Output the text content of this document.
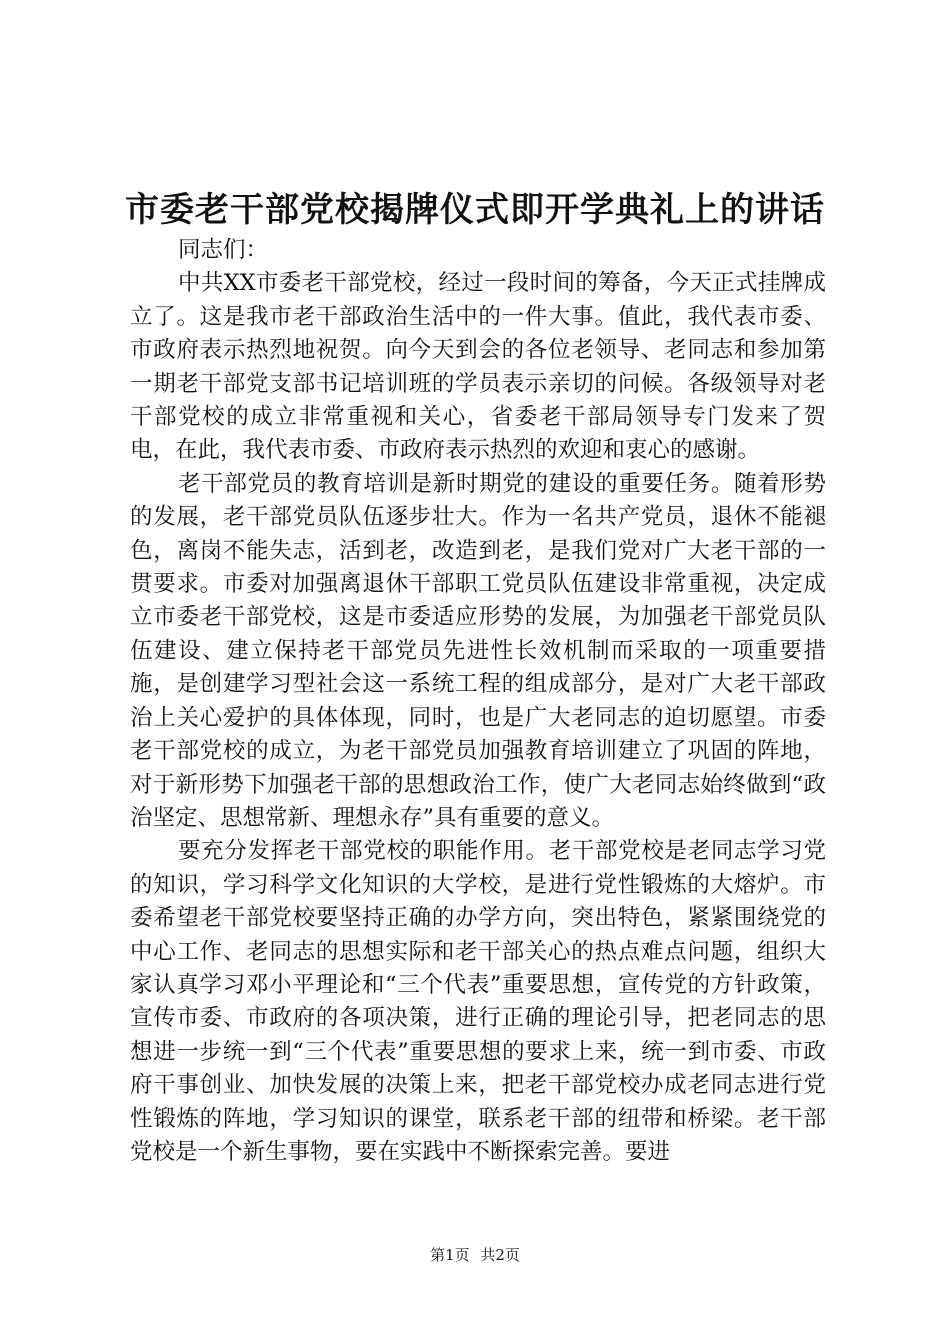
市委老干部党校揭牌仪式即开学典礼上的讲话

同志们：

中共XX市委老干部党校，经过一段时间的筹备，今天正式挂牌成立了。这是我市老干部政治生活中的一件大事。值此，我代表市委、市政府表示热烈地祝贺。向今天到会的各位老领导、老同志和参加第一期老干部党支部书记培训班的学员表示亲切的问候。各级领导对老干部党校的成立非常重视和关心，省委老干部局领导专门发来了贺电，在此，我代表市委、市政府表示热烈的欢迎和衷心的感谢。

老干部党员的教育培训是新时期党的建设的重要任务。随着形势的发展，老干部党员队伍逐步壮大。作为一名共产党员，退休不能褪色，离岗不能失志，活到老，改造到老，是我们党对广大老干部的一贯要求。市委对加强离退休干部职工党员队伍建设非常重视，决定成立市委老干部党校，这是市委适应形势的发展，为加强老干部党员队伍建设、建立保持老干部党员先进性长效机制而采取的一项重要措施，是创建学习型社会这一系统工程的组成部分，是对广大老干部政治上关心爱护的具体体现，同时，也是广大老同志的迫切愿望。市委老干部党校的成立，为老干部党员加强教育培训建立了巩固的阵地，对于新形势下加强老干部的思想政治工作，使广大老同志始终做到“政治坚定、思想常新、理想永存”具有重要的意义。

要充分发挥老干部党校的职能作用。老干部党校是老同志学习党的知识，学习科学文化知识的大学校，是进行党性锻炼的大熔炉。市委希望老干部党校要坚持正确的办学方向，突出特色，紧紧围绕党的中心工作、老同志的思想实际和老干部关心的热点难点问题，组织大家认真学习邓小平理论和“三个代表”重要思想，宣传党的方针政策，宣传市委、市政府的各项决策，进行正确的理论引导，把老同志的思想进一步统一到“三个代表”重要思想的要求上来，统一到市委、市政府干事创业、加快发展的决策上来，把老干部党校办成老同志进行党性锻炼的阵地，学习知识的课堂，联系老干部的纽带和桥梁。老干部党校是一个新生事物，要在实践中不断探索完善。要进

第1页 共2页
